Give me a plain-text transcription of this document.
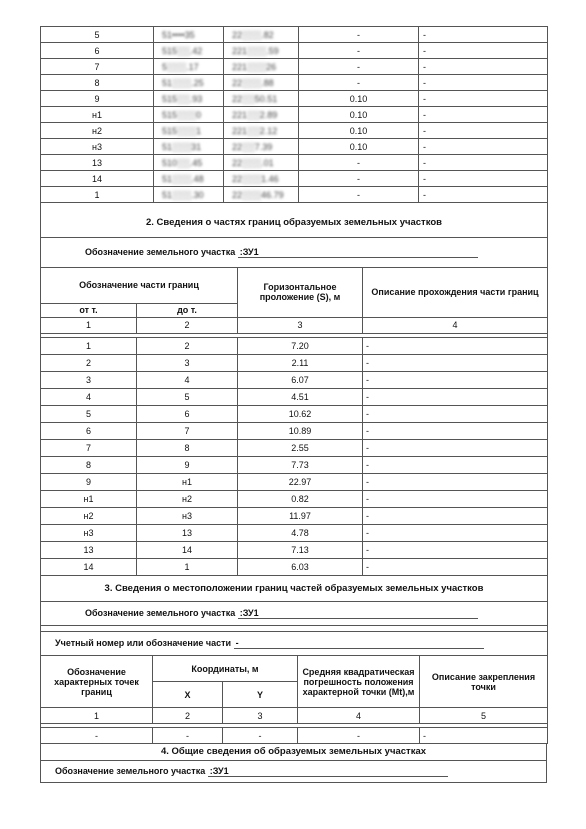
5	51••••35	22░░░.82	-	-
6	515░░.42	221░░░.59	-	-
7	5░░░.17	221░░░26	-	-
8	51░░░.25	22░░░.88	-	-
9	515░░.93	22░░50.51	0.10	-
н1	515░░░0	221░░2.89	0.10	-
н2	515░░░1	221░░2.12	0.10	-
н3	51░░░31	22░░7.39	0.10	-
13	510░░.45	22░░░.01	-	-
14	51░░░.48	22░░░1.46	-	-
1	51░░░.30	22░░░46.79	-	-

2. Сведения о частях границ образуемых земельных участков			
Обозначение земельного участка :ЗУ1			
Обозначение части границ		Горизонтальное проложение (S), м	Описание прохождения части границ
от т.	до т.		
1	2	3	4

1	2	7.20	-
2	3	2.11	-
3	4	6.07	-
4	5	4.51	-
5	6	10.62	-
6	7	10.89	-
7	8	2.55	-
8	9	7.73	-
9	н1	22.97	-
н1	н2	0.82	-
н2	н3	11.97	-
н3	13	4.78	-
13	14	7.13	-
14	1	6.03	-
3. Сведения о местоположении границ частей образуемых земельных участков				
Обозначение земельного участка :ЗУ1				

Учетный номер или обозначение части -				
Обозначение характерных точек границ	Координаты, м		Средняя квадратическая погрешность положения характерной точки (Mt),м	Описание закрепления точки
	X	Y		
1	2	3	4	5

-	-	-	-	-
4. Общие сведения об образуемых земельных участках
Обозначение земельного участка :ЗУ1
